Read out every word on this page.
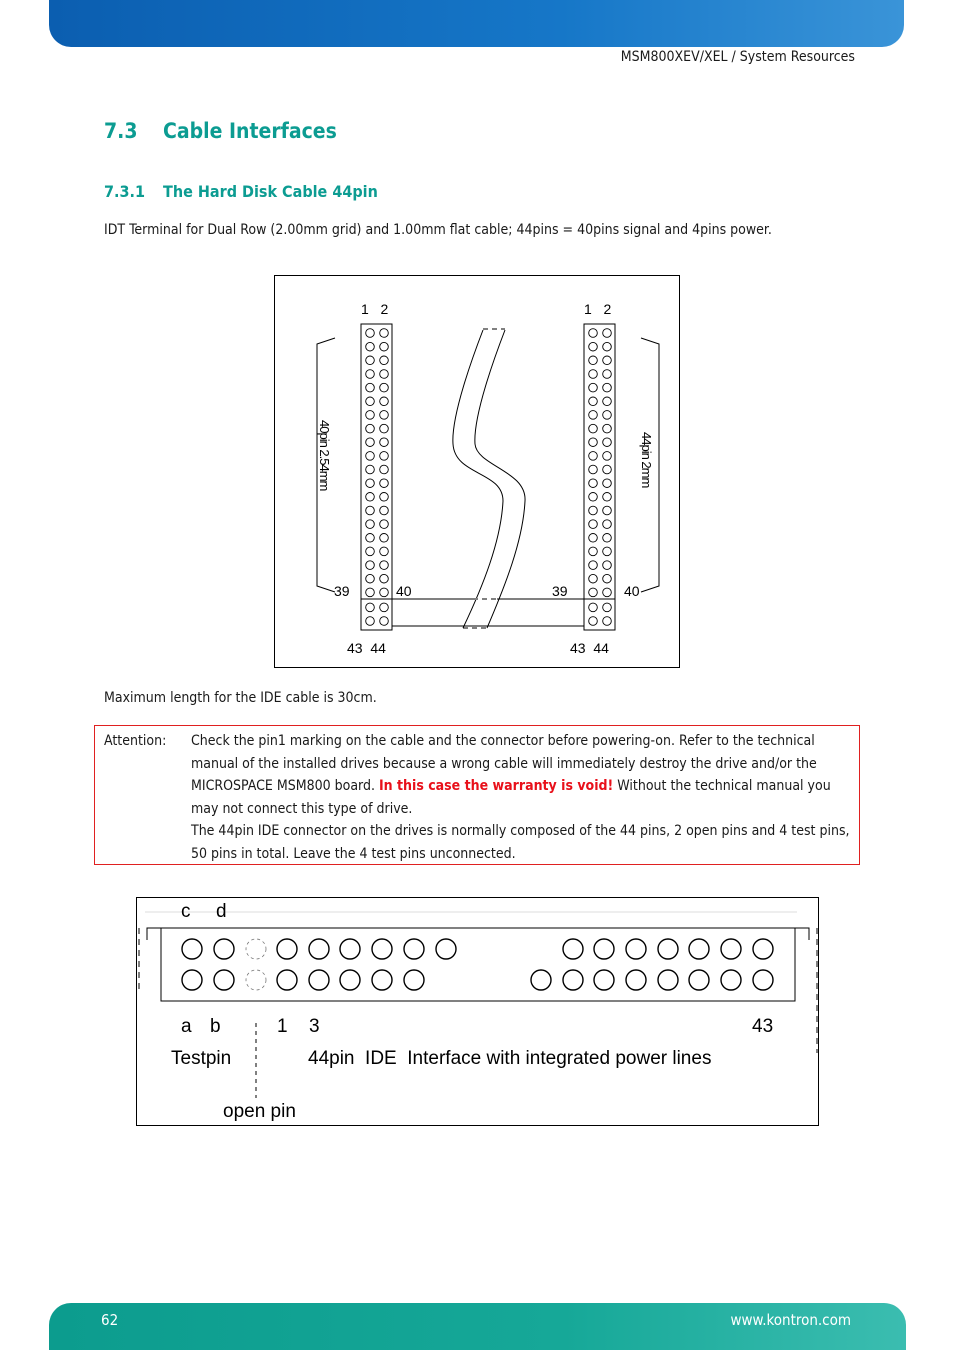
MSM800XEV/XEL / System Resources
7.3 Cable Interfaces
7.3.1 The Hard Disk Cable 44pin
IDT Terminal for Dual Row (2.00mm grid) and 1.00mm flat cable; 44pins = 40pins signal and 4pins power.
1   2	1   2
39	40	39	40
43  44	43  44
40pin 2.54mm	44pin 2mm
Maximum length for the IDE cable is 30cm.
Attention: Check the pin1 marking on the cable and the connector before powering-on. Refer to the technical manual of the installed drives because a wrong cable will immediately destroy the drive and/or the MICROSPACE MSM800 board. In this case the warranty is void! Without the technical manual you may not connect this type of drive.
The 44pin IDE connector on the drives is normally composed of the 44 pins, 2 open pins and 4 test pins, 50 pins in total. Leave the 4 test pins unconnected.
c d
a b	1 3	43
Testpin	44pin  IDE  Interface with integrated power lines
open pin
62	www.kontron.com
